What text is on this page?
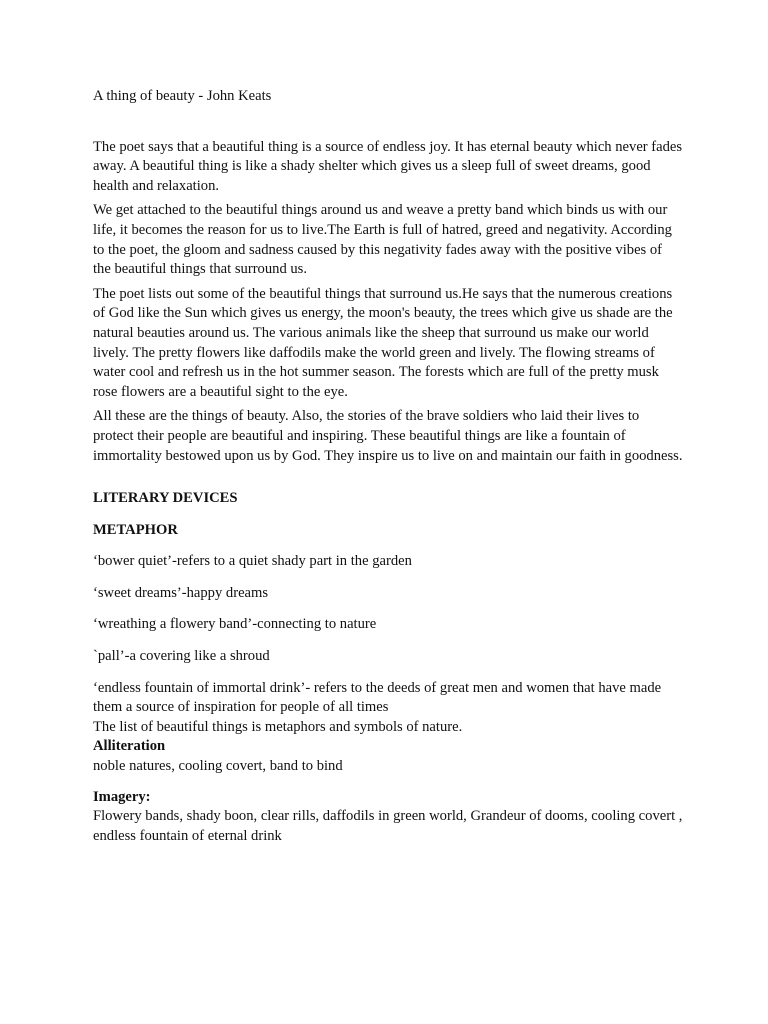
A thing of beauty - John Keats

The poet says that a beautiful thing is a source of endless joy. It has eternal beauty which never fades away. A beautiful thing is like a shady shelter which gives us a sleep full of sweet dreams, good health and relaxation.

We get attached to the beautiful things around us and weave a pretty band which binds us with our life, it becomes the reason for us to live.The Earth is full of hatred, greed and negativity. According to the poet, the gloom and sadness caused by this negativity fades away with the positive vibes of the beautiful things that surround us.

The poet lists out some of the beautiful things that surround us.He says that the numerous creations of God like the Sun which gives us energy, the moon's beauty, the trees which give us shade are the natural beauties around us. The various animals like the sheep that surround us make our world lively. The pretty flowers like daffodils make the world green and lively. The flowing streams of water cool and refresh us in the hot summer season. The forests which are full of the pretty musk rose flowers are a beautiful sight to the eye.

All these are the things of beauty. Also, the stories of the brave soldiers who laid their lives to protect their people are beautiful and inspiring. These beautiful things are like a fountain of immortality bestowed upon us by God. They inspire us to live on and maintain our faith in goodness.

LITERARY DEVICES

METAPHOR

‘bower quiet’-refers to a quiet shady part in the garden

‘sweet dreams’-happy dreams

‘wreathing a flowery band’-connecting to nature

`pall’-a covering like a shroud

‘endless fountain of immortal drink’- refers to the deeds of great men and women that have made them a source of inspiration for people of all times

The list of beautiful things is metaphors and symbols of nature.

Alliteration

noble natures, cooling covert, band to bind

Imagery:

Flowery bands, shady boon, clear rills, daffodils in green world, Grandeur of dooms, cooling covert , endless fountain of eternal drink
